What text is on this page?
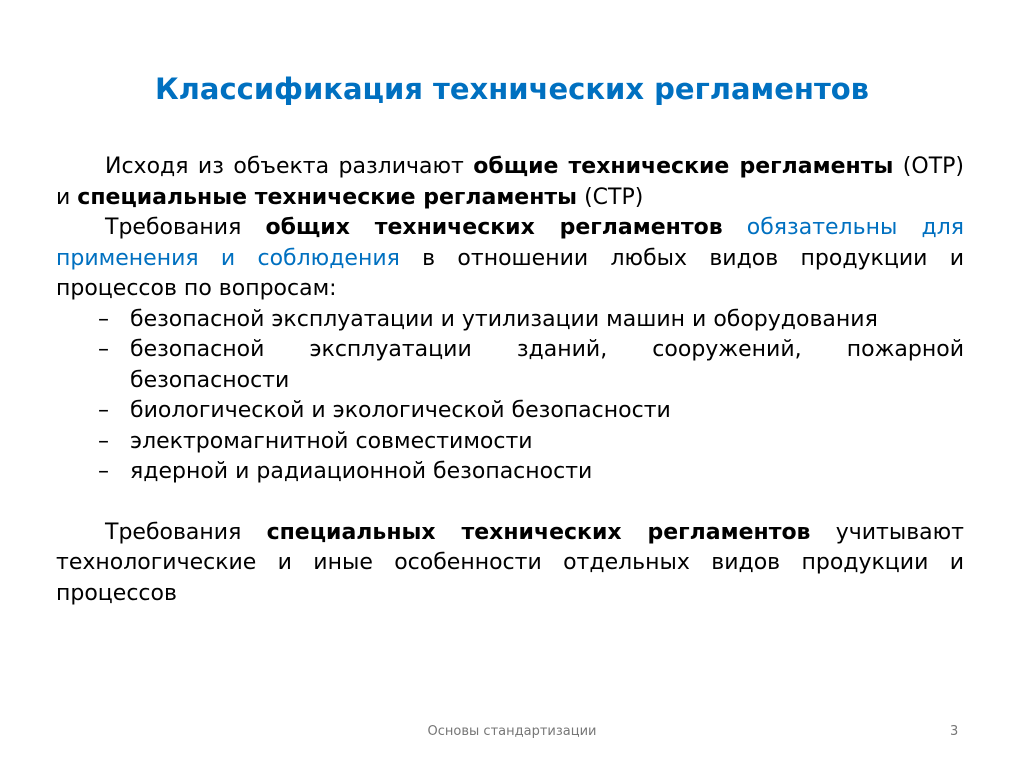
Классификация технических регламентов

Исходя из объекта различают общие технические регламенты (ОТР) и специальные технические регламенты (СТР)

Требования общих технических регламентов обязательны для применения и соблюдения в отношении любых видов продукции и процессов по вопросам:

– безопасной эксплуатации и утилизации машин и оборудования
– безопасной эксплуатации зданий, сооружений, пожарной безопасности
– биологической и экологической безопасности
– электромагнитной совместимости
– ядерной и радиационной безопасности

Требования специальных технических регламентов учитывают технологические и иные особенности отдельных видов продукции и процессов

Основы стандартизации	3
